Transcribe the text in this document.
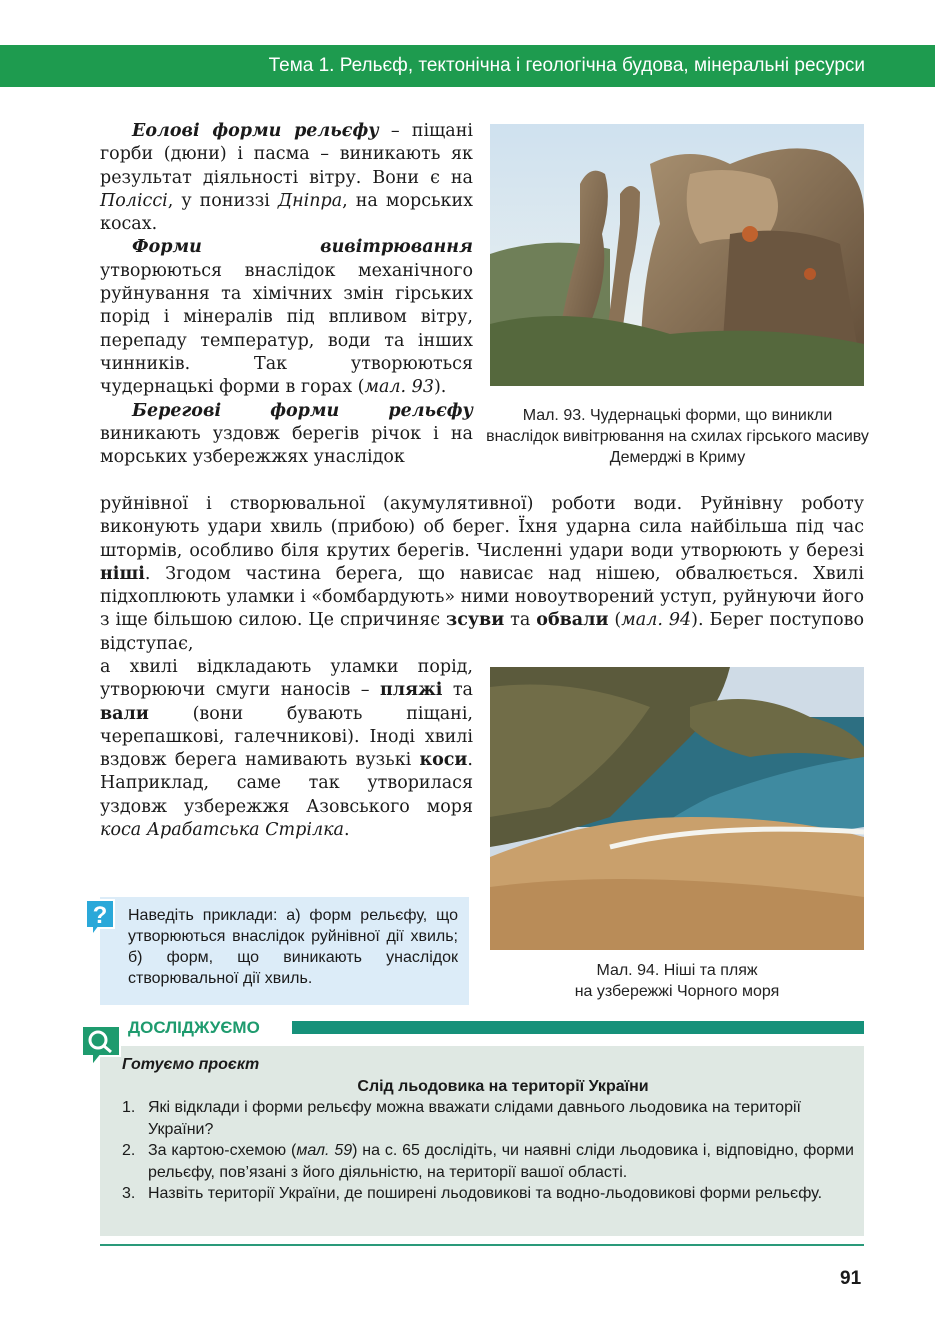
Тема 1. Рельєф, тектонічна і геологічна будова, мінеральні ресурси

Еолові форми рельєфу – піщані горби (дюни) і пасма – виникають як результат діяльності вітру. Вони є на Поліссі, у пониззі Дніпра, на морських косах.

Форми вивітрювання утворюються внаслідок механічного руйнування та хімічних змін гірських порід і мінералів під впливом вітру, перепаду температур, води та інших чинників. Так утворюються чудернацькі форми в горах (мал. 93).

Берегові форми рельєфу виникають уздовж берегів річок і на морських узбережжях унаслідок

руйнівної і створювальної (акумулятивної) роботи води. Руйнівну роботу виконують удари хвиль (прибою) об берег. Їхня ударна сила найбільша під час штормів, особливо біля крутих берегів. Численні удари води утворюють у березі ніші. Згодом частина берега, що нависає над нішею, обвалюється. Хвилі підхоплюють уламки і «бомбардують» ними новоутворений уступ, руйнуючи його з іще більшою силою. Це спричиняє зсуви та обвали (мал. 94). Берег поступово відступає,

а хвилі відкладають уламки порід, утворюючи смуги наносів – пляжі та вали (вони бувають піщані, черепашкові, галечникові). Іноді хвилі вздовж берега намивають вузькі коси. Наприклад, саме так утворилася уздовж узбережжя Азовського моря коса Арабатська Стрілка.

Мал. 93. Чудернацькі форми, що виникли внаслідок вивітрювання на схилах гірського масиву Демерджі в Криму
Мал. 94. Ніші та пляж
на узбережжі Чорного моря
Наведіть приклади: а) форм рельєфу, що утворюються внаслідок руйнівної дії хвиль; б) форм, що виникають унаслідок створювальної дії хвиль.
?
ДОСЛІДЖУЄМО
Готуємо проєкт
Слід льодовика на території України
1. Які відклади і форми рельєфу можна вважати слідами давнього льодовика на території України?
2. За картою-схемою (мал. 59) на с. 65 дослідіть, чи наявні сліди льодовика і, відповідно, форми рельєфу, пов’язані з його діяльністю, на території вашої області.
3. Назвіть території України, де поширені льодовикові та водно-льодовикові форми рельєфу.
91
